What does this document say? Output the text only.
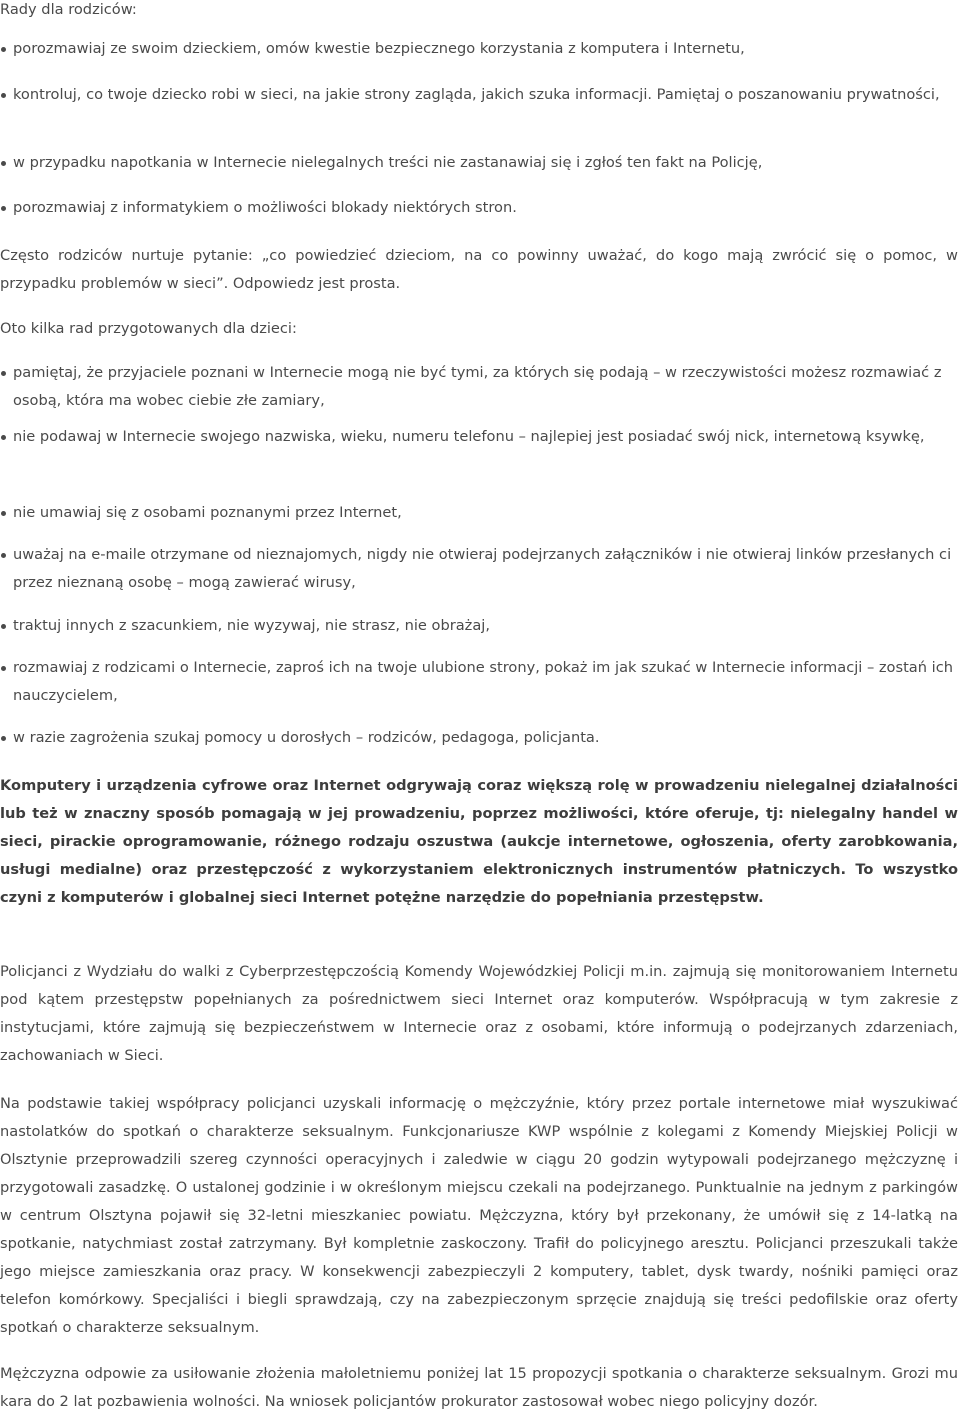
Rady dla rodziców:
porozmawiaj ze swoim dzieckiem, omów kwestie bezpiecznego korzystania z komputera i Internetu,
kontroluj, co twoje dziecko robi w sieci, na jakie strony zagląda, jakich szuka informacji. Pamiętaj o poszanowaniu prywatności,
w przypadku napotkania w Internecie nielegalnych treści nie zastanawiaj się i zgłoś ten fakt na Policję,
porozmawiaj z informatykiem o możliwości blokady niektórych stron.

Często rodziców nurtuje pytanie: „co powiedzieć dzieciom, na co powinny uważać, do kogo mają zwrócić się o pomoc, w przypadku problemów w sieci”. Odpowiedz jest prosta.

Oto kilka rad przygotowanych dla dzieci:

pamiętaj, że przyjaciele poznani w Internecie mogą nie być tymi, za których się podają – w rzeczywistości możesz rozmawiać z osobą, która ma wobec ciebie złe zamiary,
nie podawaj w Internecie swojego nazwiska, wieku, numeru telefonu – najlepiej jest posiadać swój nick, internetową ksywkę,
nie umawiaj się z osobami poznanymi przez Internet,
uważaj na e-maile otrzymane od nieznajomych, nigdy nie otwieraj podejrzanych załączników i nie otwieraj linków przesłanych ci przez nieznaną osobę – mogą zawierać wirusy,
traktuj innych z szacunkiem, nie wyzywaj, nie strasz, nie obrażaj,
rozmawiaj z rodzicami o Internecie, zaproś ich na twoje ulubione strony, pokaż im jak szukać w Internecie informacji – zostań ich nauczycielem,
w razie zagrożenia szukaj pomocy u dorosłych – rodziców, pedagoga, policjanta.

Komputery i urządzenia cyfrowe oraz Internet odgrywają coraz większą rolę w prowadzeniu nielegalnej działalności lub też w znaczny sposób pomagają w jej prowadzeniu, poprzez możliwości, które oferuje, tj: nielegalny handel w sieci, pirackie oprogramowanie, różnego rodzaju oszustwa (aukcje internetowe, ogłoszenia, oferty zarobkowania, usługi medialne) oraz przestępczość z wykorzystaniem elektronicznych instrumentów płatniczych. To wszystko czyni z komputerów i globalnej sieci Internet potężne narzędzie do popełniania przestępstw.

Policjanci z Wydziału do walki z Cyberprzestępczością Komendy Wojewódzkiej Policji m.in. zajmują się monitorowaniem Internetu pod kątem przestępstw popełnianych za pośrednictwem sieci Internet oraz komputerów. Współpracują w tym zakresie z instytucjami, które zajmują się bezpieczeństwem w Internecie oraz z osobami, które informują o podejrzanych zdarzeniach, zachowaniach w Sieci.

Na podstawie takiej współpracy policjanci uzyskali informację o mężczyźnie, który przez portale internetowe miał wyszukiwać nastolatków do spotkań o charakterze seksualnym. Funkcjonariusze KWP wspólnie z kolegami z Komendy Miejskiej Policji w Olsztynie przeprowadzili szereg czynności operacyjnych i zaledwie w ciągu 20 godzin wytypowali podejrzanego mężczyznę i przygotowali zasadzkę. O ustalonej godzinie i w określonym miejscu czekali na podejrzanego. Punktualnie na jednym z parkingów w centrum Olsztyna pojawił się 32-letni mieszkaniec powiatu. Mężczyzna, który był przekonany, że umówił się z 14-latką na spotkanie, natychmiast został zatrzymany. Był kompletnie zaskoczony. Trafił do policyjnego aresztu. Policjanci przeszukali także jego miejsce zamieszkania oraz pracy. W konsekwencji zabezpieczyli 2 komputery, tablet, dysk twardy, nośniki pamięci oraz telefon komórkowy. Specjaliści i biegli sprawdzają, czy na zabezpieczonym sprzęcie znajdują się treści pedofilskie oraz oferty spotkań o charakterze seksualnym.

Mężczyzna odpowie za usiłowanie złożenia małoletniemu poniżej lat 15 propozycji spotkania o charakterze seksualnym. Grozi mu kara do 2 lat pozbawienia wolności. Na wniosek policjantów prokurator zastosował wobec niego policyjny dozór.
